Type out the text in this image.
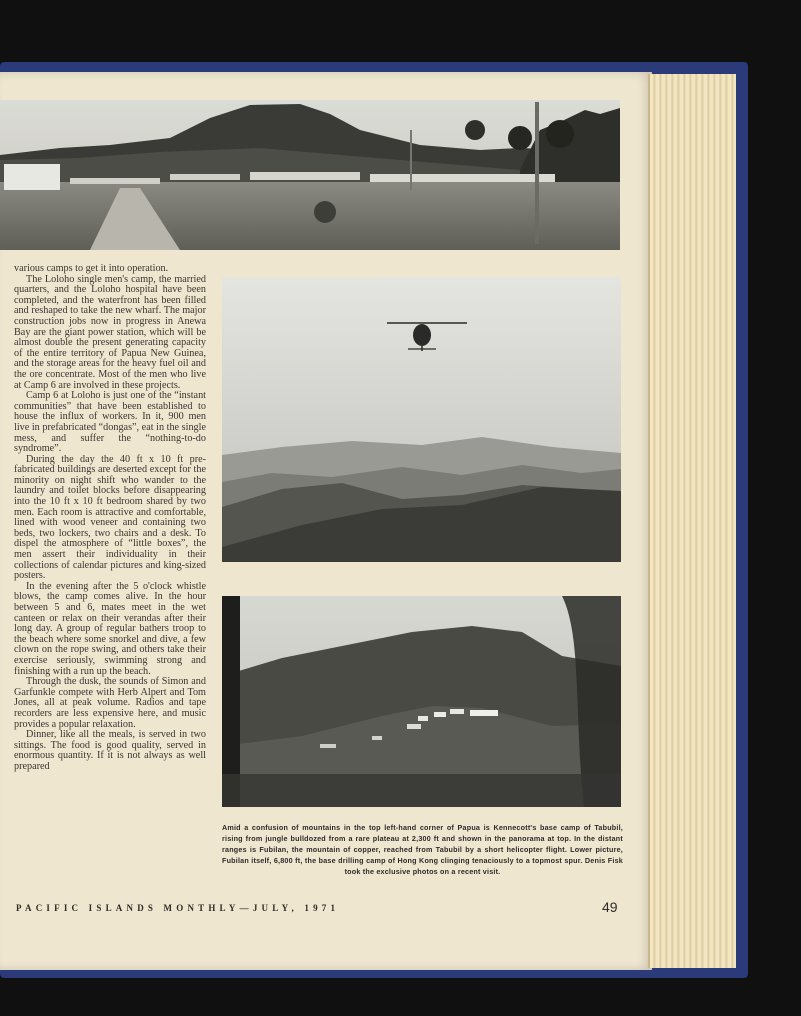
various camps to get it into operation.

The Loloho single men's camp, the married quarters, and the Loloho hospital have been completed, and the waterfront has been filled and reshaped to take the new wharf. The major construction jobs now in progress in Anewa Bay are the giant power station, which will be almost double the present generating capacity of the entire territory of Papua New Guinea, and the storage areas for the heavy fuel oil and the ore concentrate. Most of the men who live at Camp 6 are involved in these projects.

Camp 6 at Loloho is just one of the “instant communities” that have been established to house the influx of workers. In it, 900 men live in prefabricated “dongas”, eat in the single mess, and suffer the “nothing-to-do syndrome”.

During the day the 40 ft x 10 ft pre-fabricated buildings are deserted except for the minority on night shift who wander to the laundry and toilet blocks before disappearing into the 10 ft x 10 ft bedroom shared by two men. Each room is attractive and comfortable, lined with wood veneer and containing two beds, two lockers, two chairs and a desk. To dispel the atmosphere of “little boxes”, the men assert their individuality in their collections of calendar pictures and king-sized posters.

In the evening after the 5 o'clock whistle blows, the camp comes alive. In the hour between 5 and 6, mates meet in the wet canteen or relax on their verandas after their long day. A group of regular bathers troop to the beach where some snorkel and dive, a few clown on the rope swing, and others take their exercise seriously, swimming strong and finishing with a run up the beach.

Through the dusk, the sounds of Simon and Garfunkle compete with Herb Alpert and Tom Jones, all at peak volume. Radios and tape recorders are less expensive here, and music provides a popular relaxation.

Dinner, like all the meals, is served in two sittings. The food is good quality, served in enormous quantity. If it is not always as well prepared

Amid a confusion of mountains in the top left-hand corner of Papua is Kennecott's base camp of Tabubil, rising from jungle bulldozed from a rare plateau at 2,300 ft and shown in the panorama at top. In the distant ranges is Fubilan, the mountain of copper, reached from Tabubil by a short helicopter flight. Lower picture, Fubilan itself, 6,800 ft, the base drilling camp of Hong Kong clinging tenaciously to a topmost spur. Denis Fisk took the exclusive photos on a recent visit.
PACIFIC ISLANDS MONTHLY—JULY, 1971	49
